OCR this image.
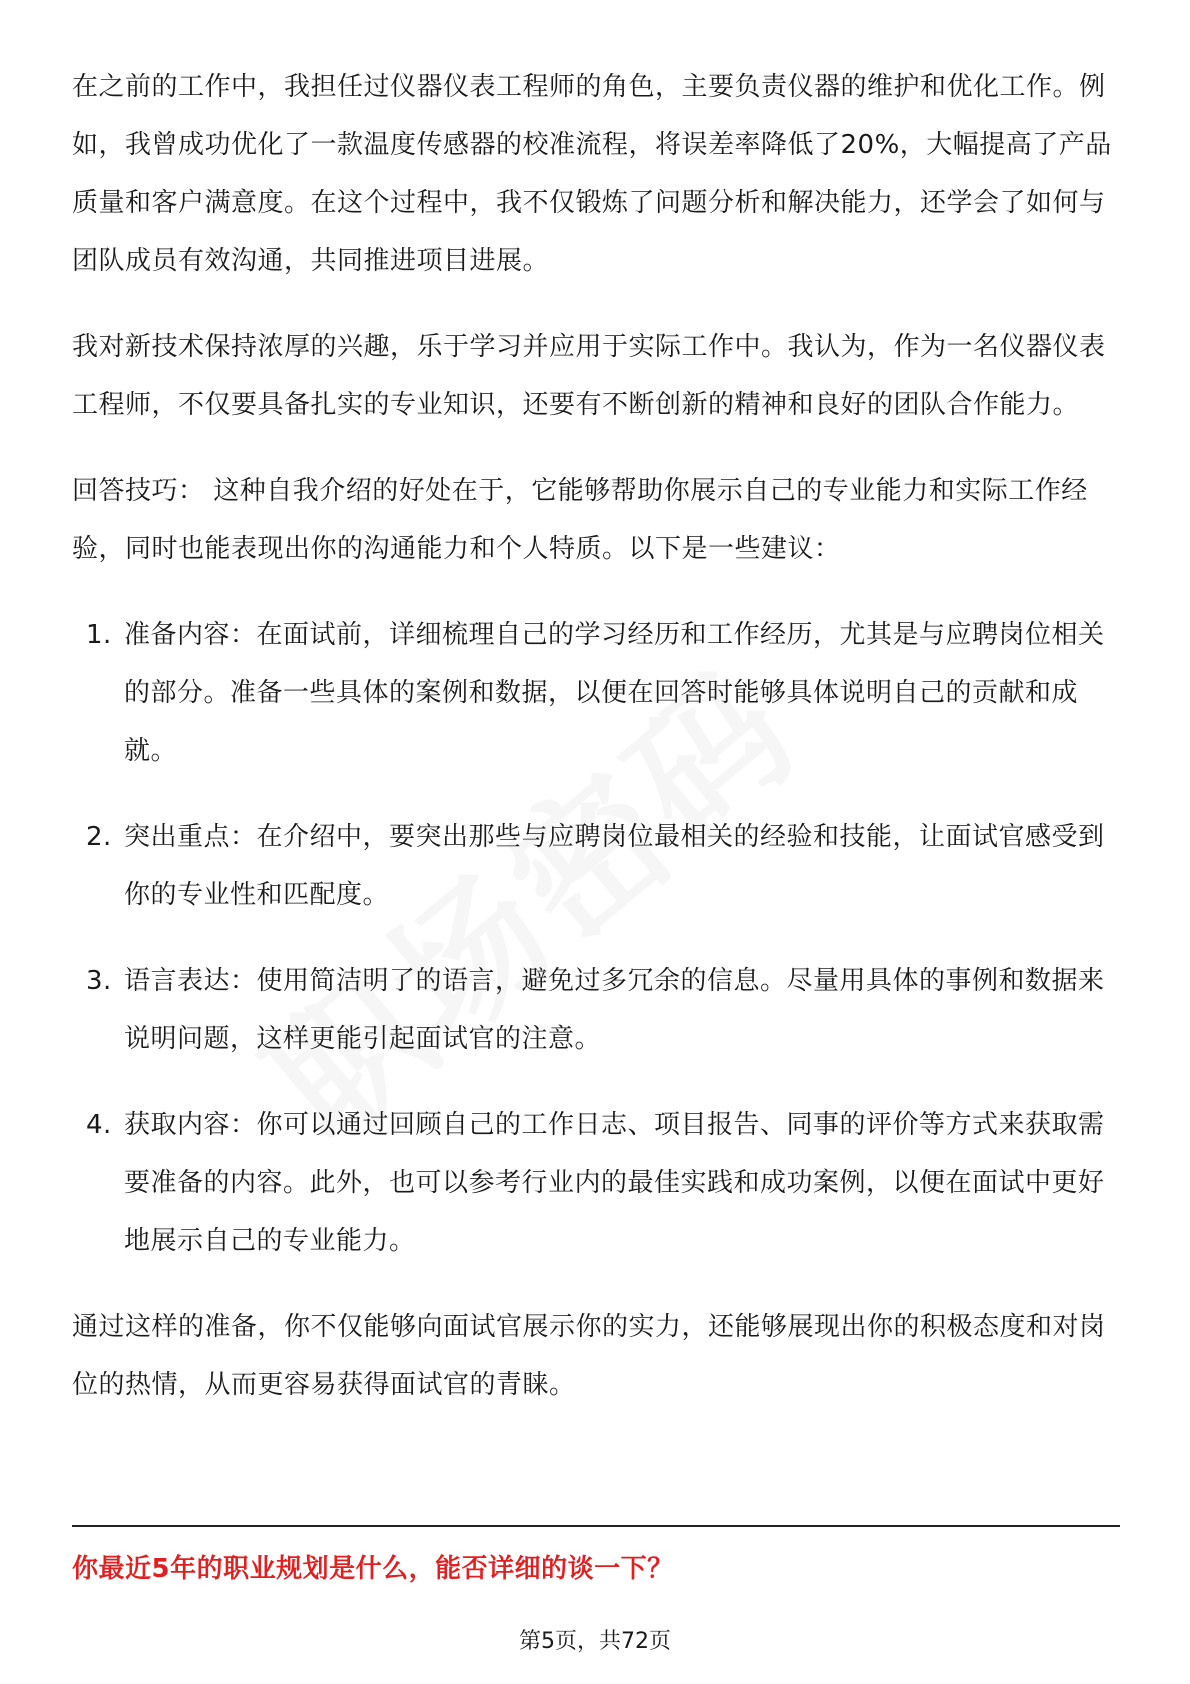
在之前的工作中，我担任过仪器仪表工程师的角色，主要负责仪器的维护和优化工作。例如，我曾成功优化了一款温度传感器的校准流程，将误差率降低了20%，大幅提高了产品质量和客户满意度。在这个过程中，我不仅锻炼了问题分析和解决能力，还学会了如何与团队成员有效沟通，共同推进项目进展。

我对新技术保持浓厚的兴趣，乐于学习并应用于实际工作中。我认为，作为一名仪器仪表工程师，不仅要具备扎实的专业知识，还要有不断创新的精神和良好的团队合作能力。

回答技巧： 这种自我介绍的好处在于，它能够帮助你展示自己的专业能力和实际工作经验，同时也能表现出你的沟通能力和个人特质。以下是一些建议：

1. 准备内容：在面试前，详细梳理自己的学习经历和工作经历，尤其是与应聘岗位相关的部分。准备一些具体的案例和数据，以便在回答时能够具体说明自己的贡献和成就。
2. 突出重点：在介绍中，要突出那些与应聘岗位最相关的经验和技能，让面试官感受到你的专业性和匹配度。
3. 语言表达：使用简洁明了的语言，避免过多冗余的信息。尽量用具体的事例和数据来说明问题，这样更能引起面试官的注意。
4. 获取内容：你可以通过回顾自己的工作日志、项目报告、同事的评价等方式来获取需要准备的内容。此外，也可以参考行业内的最佳实践和成功案例，以便在面试中更好地展示自己的专业能力。

通过这样的准备，你不仅能够向面试官展示你的实力，还能够展现出你的积极态度和对岗位的热情，从而更容易获得面试官的青睐。

你最近5年的职业规划是什么，能否详细的谈一下？
第5页，共72页
